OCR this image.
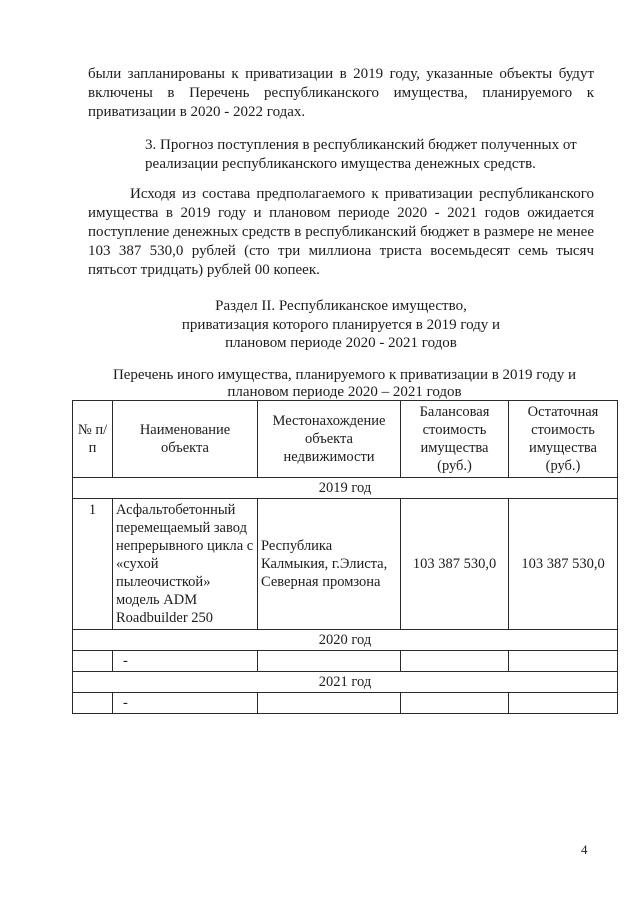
были запланированы к приватизации в 2019 году, указанные объекты будут включены в Перечень республиканского имущества, планируемого к приватизации в 2020 - 2022 годах.

3. Прогноз поступления в республиканский бюджет полученных от

реализации республиканского имущества денежных средств.

Исходя из состава предполагаемого к приватизации республиканского имущества в 2019 году и плановом периоде 2020 - 2021 годов ожидается поступление денежных средств в республиканский бюджет в размере не менее 103 387 530,0 рублей (сто три миллиона триста восемьдесят семь тысяч пятьсот тридцать) рублей 00 копеек.

Раздел II. Республиканское имущество,

приватизация которого планируется в 2019 году и

плановом периоде 2020 - 2021 годов

Перечень иного имущества, планируемого к приватизации в 2019 году и

плановом периоде 2020 – 2021 годов

№ п/п	Наименование объекта	Местонахождение объекта недвижимости	Балансовая стоимость имущества (руб.)	Остаточная стоимость имущества (руб.)
2019 год				
1	Асфальтобетонный перемещаемый завод непрерывного цикла с «сухой пылеочисткой» модель ADM Roadbuilder 250	Республика Калмыкия, г.Элиста, Северная промзона	103 387 530,0	103 387 530,0
2020 год				
	-			
2021 год				
	-			
4
